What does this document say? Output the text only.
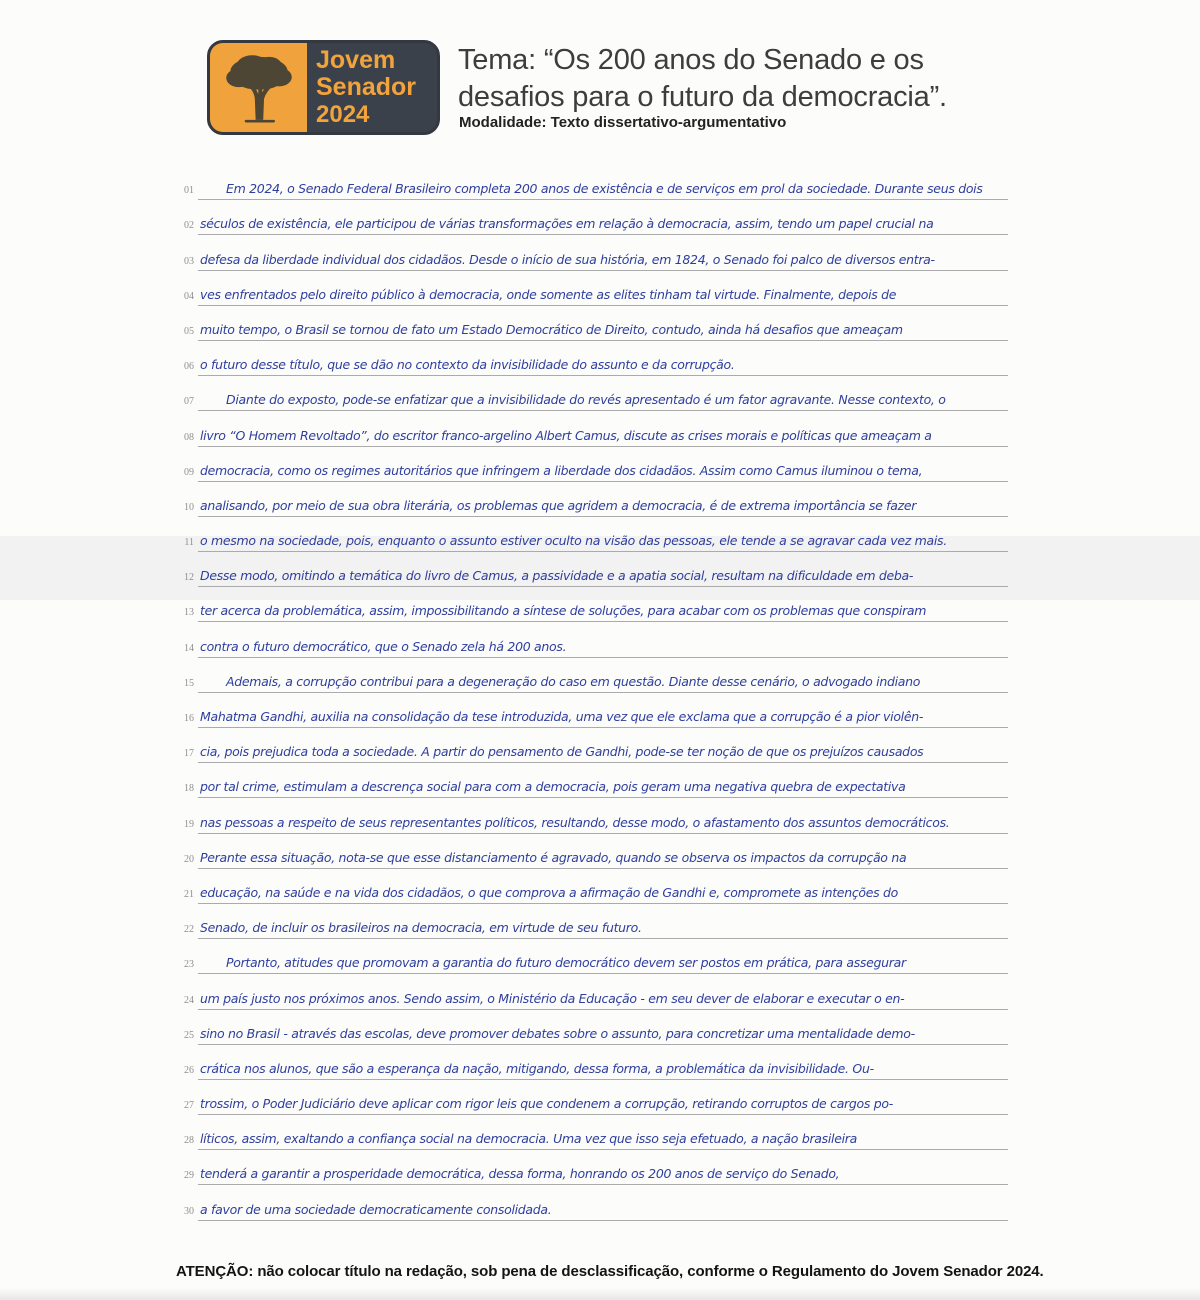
Jovem
Senador
2024
Tema: “Os 200 anos do Senado e os
desafios para o futuro da democracia”.
Modalidade: Texto dissertativo-argumentativo
01	Em 2024, o Senado Federal Brasileiro completa 200 anos de existência e de serviços em prol da sociedade. Durante seus dois
02 séculos de existência, ele participou de várias transformações em relação à democracia, assim, tendo um papel crucial na
03 defesa da liberdade individual dos cidadãos. Desde o início de sua história, em 1824, o Senado foi palco de diversos entra-
04 ves enfrentados pelo direito público à democracia, onde somente as elites tinham tal virtude. Finalmente, depois de
05 muito tempo, o Brasil se tornou de fato um Estado Democrático de Direito, contudo, ainda há desafios que ameaçam
06 o futuro desse título, que se dão no contexto da invisibilidade do assunto e da corrupção.
07	Diante do exposto, pode-se enfatizar que a invisibilidade do revés apresentado é um fator agravante. Nesse contexto, o
08 livro “O Homem Revoltado”, do escritor franco-argelino Albert Camus, discute as crises morais e políticas que ameaçam a
09 democracia, como os regimes autoritários que infringem a liberdade dos cidadãos. Assim como Camus iluminou o tema,
10 analisando, por meio de sua obra literária, os problemas que agridem a democracia, é de extrema importância se fazer
11 o mesmo na sociedade, pois, enquanto o assunto estiver oculto na visão das pessoas, ele tende a se agravar cada vez mais.
12 Desse modo, omitindo a temática do livro de Camus, a passividade e a apatia social, resultam na dificuldade em deba-
13 ter acerca da problemática, assim, impossibilitando a síntese de soluções, para acabar com os problemas que conspiram
14 contra o futuro democrático, que o Senado zela há 200 anos.
15	Ademais, a corrupção contribui para a degeneração do caso em questão. Diante desse cenário, o advogado indiano
16 Mahatma Gandhi, auxilia na consolidação da tese introduzida, uma vez que ele exclama que a corrupção é a pior violên-
17 cia, pois prejudica toda a sociedade. A partir do pensamento de Gandhi, pode-se ter noção de que os prejuízos causados
18 por tal crime, estimulam a descrença social para com a democracia, pois geram uma negativa quebra de expectativa
19 nas pessoas a respeito de seus representantes políticos, resultando, desse modo, o afastamento dos assuntos democráticos.
20 Perante essa situação, nota-se que esse distanciamento é agravado, quando se observa os impactos da corrupção na
21 educação, na saúde e na vida dos cidadãos, o que comprova a afirmação de Gandhi e, compromete as intenções do
22 Senado, de incluir os brasileiros na democracia, em virtude de seu futuro.
23	Portanto, atitudes que promovam a garantia do futuro democrático devem ser postos em prática, para assegurar
24 um país justo nos próximos anos. Sendo assim, o Ministério da Educação - em seu dever de elaborar e executar o en-
25 sino no Brasil - através das escolas, deve promover debates sobre o assunto, para concretizar uma mentalidade demo-
26 crática nos alunos, que são a esperança da nação, mitigando, dessa forma, a problemática da invisibilidade. Ou-
27 trossim, o Poder Judiciário deve aplicar com rigor leis que condenem a corrupção, retirando corruptos de cargos po-
28 líticos, assim, exaltando a confiança social na democracia. Uma vez que isso seja efetuado, a nação brasileira
29 tenderá a garantir a prosperidade democrática, dessa forma, honrando os 200 anos de serviço do Senado,
30 a favor de uma sociedade democraticamente consolidada.
ATENÇÃO: não colocar título na redação, sob pena de desclassificação, conforme o Regulamento do Jovem Senador 2024.
